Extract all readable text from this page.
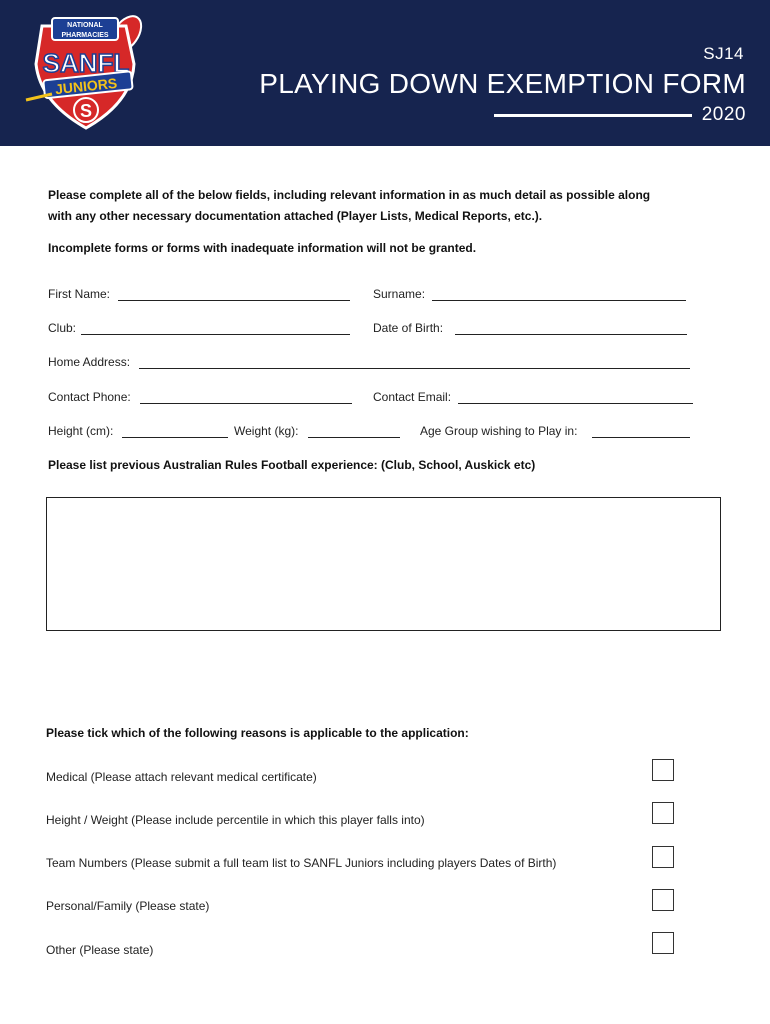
NATIONAL
PHARMACIES
SANFL
JUNIORS
S
SJ14
PLAYING DOWN EXEMPTION FORM
2020
Please complete all of the below fields, including relevant information in as much detail as possible along
with any other necessary documentation attached (Player Lists, Medical Reports, etc.).
Incomplete forms or forms with inadequate information will not be granted.
First Name:	Surname:
Club:	Date of Birth:
Home Address:
Contact Phone:	Contact Email:
Height (cm):	Weight (kg):	Age Group wishing to Play in:
Please list previous Australian Rules Football experience: (Club, School, Auskick etc)
Please tick which of the following reasons is applicable to the application:
Medical (Please attach relevant medical certificate)
Height / Weight (Please include percentile in which this player falls into)
Team Numbers (Please submit a full team list to SANFL Juniors including players Dates of Birth)
Personal/Family (Please state)
Other (Please state)
